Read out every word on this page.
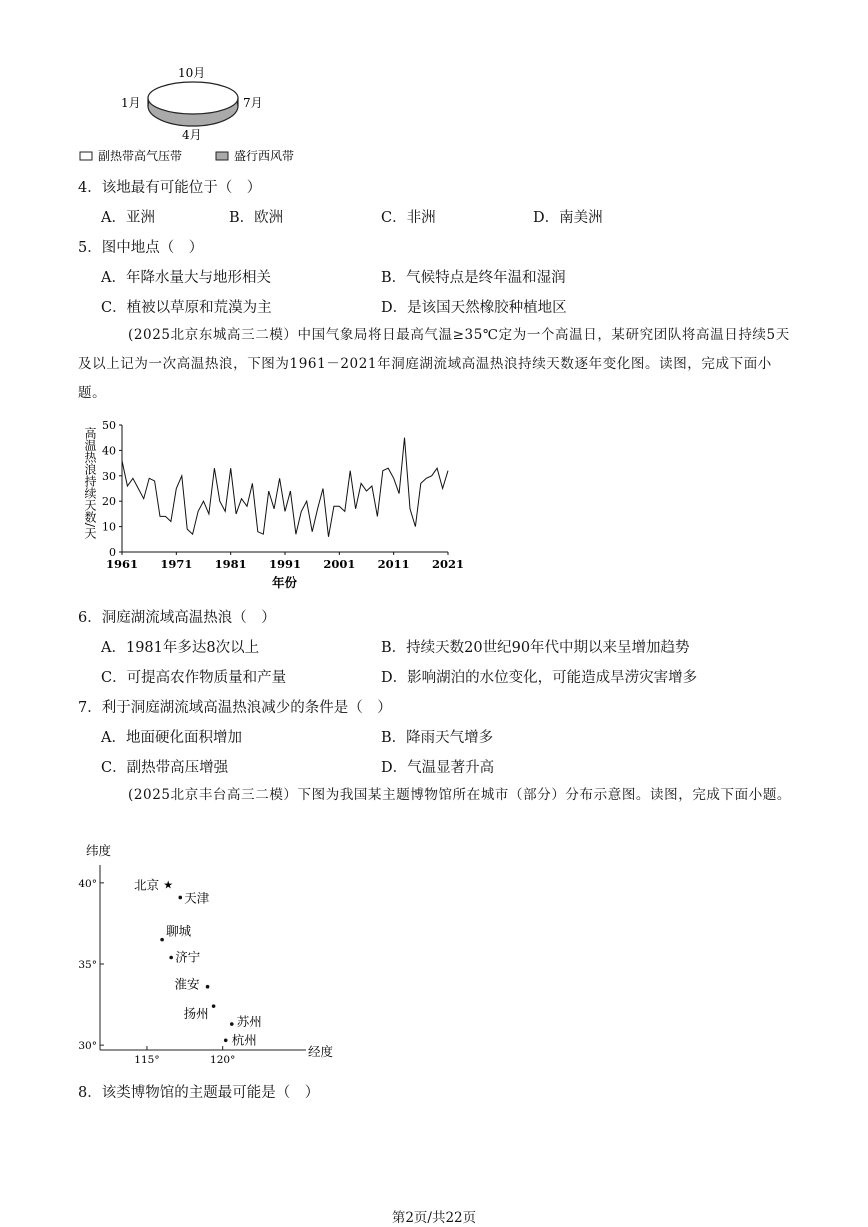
10月
7月
1月
4月
副热带高气压带	盛行西风带
4．该地最有可能位于（　）
A．亚洲	B．欧洲	C．非洲	D．南美洲
5．图中地点（　）
A．年降水量大与地形相关	B．气候特点是终年温和湿润
C．植被以草原和荒漠为主	D．是该国天然橡胶种植地区
(2025北京东城高三二模）中国气象局将日最高气温≥35℃定为一个高温日，某研究团队将高温日持续5天及以上记为一次高温热浪，下图为1961－2021年洞庭湖流域高温热浪持续天数逐年变化图。读图，完成下面小题。
高温热浪持续天数/天
0
10
20
30
40
50
1961 1971 1981 1991 2001 2011 2021
年份
6．洞庭湖流域高温热浪（　）
A．1981年多达8次以上	B．持续天数20世纪90年代中期以来呈增加趋势
C．可提高农作物质量和产量	D．影响湖泊的水位变化，可能造成旱涝灾害增多
7．利于洞庭湖流域高温热浪减少的条件是（　）
A．地面硬化面积增加	B．降雨天气增多
C．副热带高压增强	D．气温显著升高
(2025北京丰台高三二模）下图为我国某主题博物馆所在城市（部分）分布示意图。读图，完成下面小题。
纬度
经度
40°
35°
30°
115°	120°
★
北京
天津
聊城
济宁
淮安
扬州
苏州
杭州
8．该类博物馆的主题最可能是（　）
第2页/共22页
